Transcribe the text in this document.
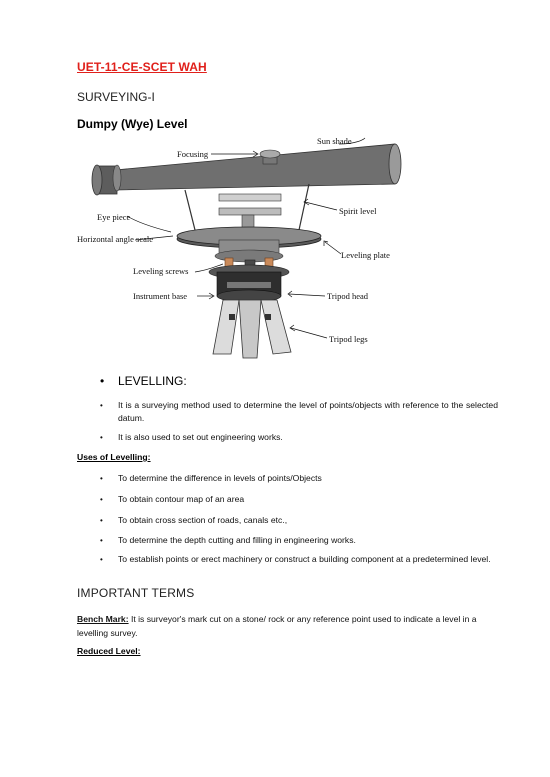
UET-11-CE-SCET WAH
SURVEYING-I
Dumpy (Wye) Level
Sun shade
Focusing
Spirit level
Eye piece
Horizontal angle scale
Leveling plate
Leveling screws
Instrument base	Tripod head
Tripod legs
• LEVELLING:
• It is a surveying method used to determine the level of points/objects with reference to the selected datum.
• It is also used to set out engineering works.
Uses of Levelling:
• To determine the difference in levels of points/Objects
• To obtain contour map of an area
• To obtain cross section of roads, canals etc.,
• To determine the depth cutting and filling in engineering works.
• To establish points or erect machinery or construct a building component at a predetermined level.
IMPORTANT TERMS
Bench Mark: It is surveyor's mark cut on a stone/ rock or any reference point used to indicate a level in a levelling survey.
Reduced Level:
